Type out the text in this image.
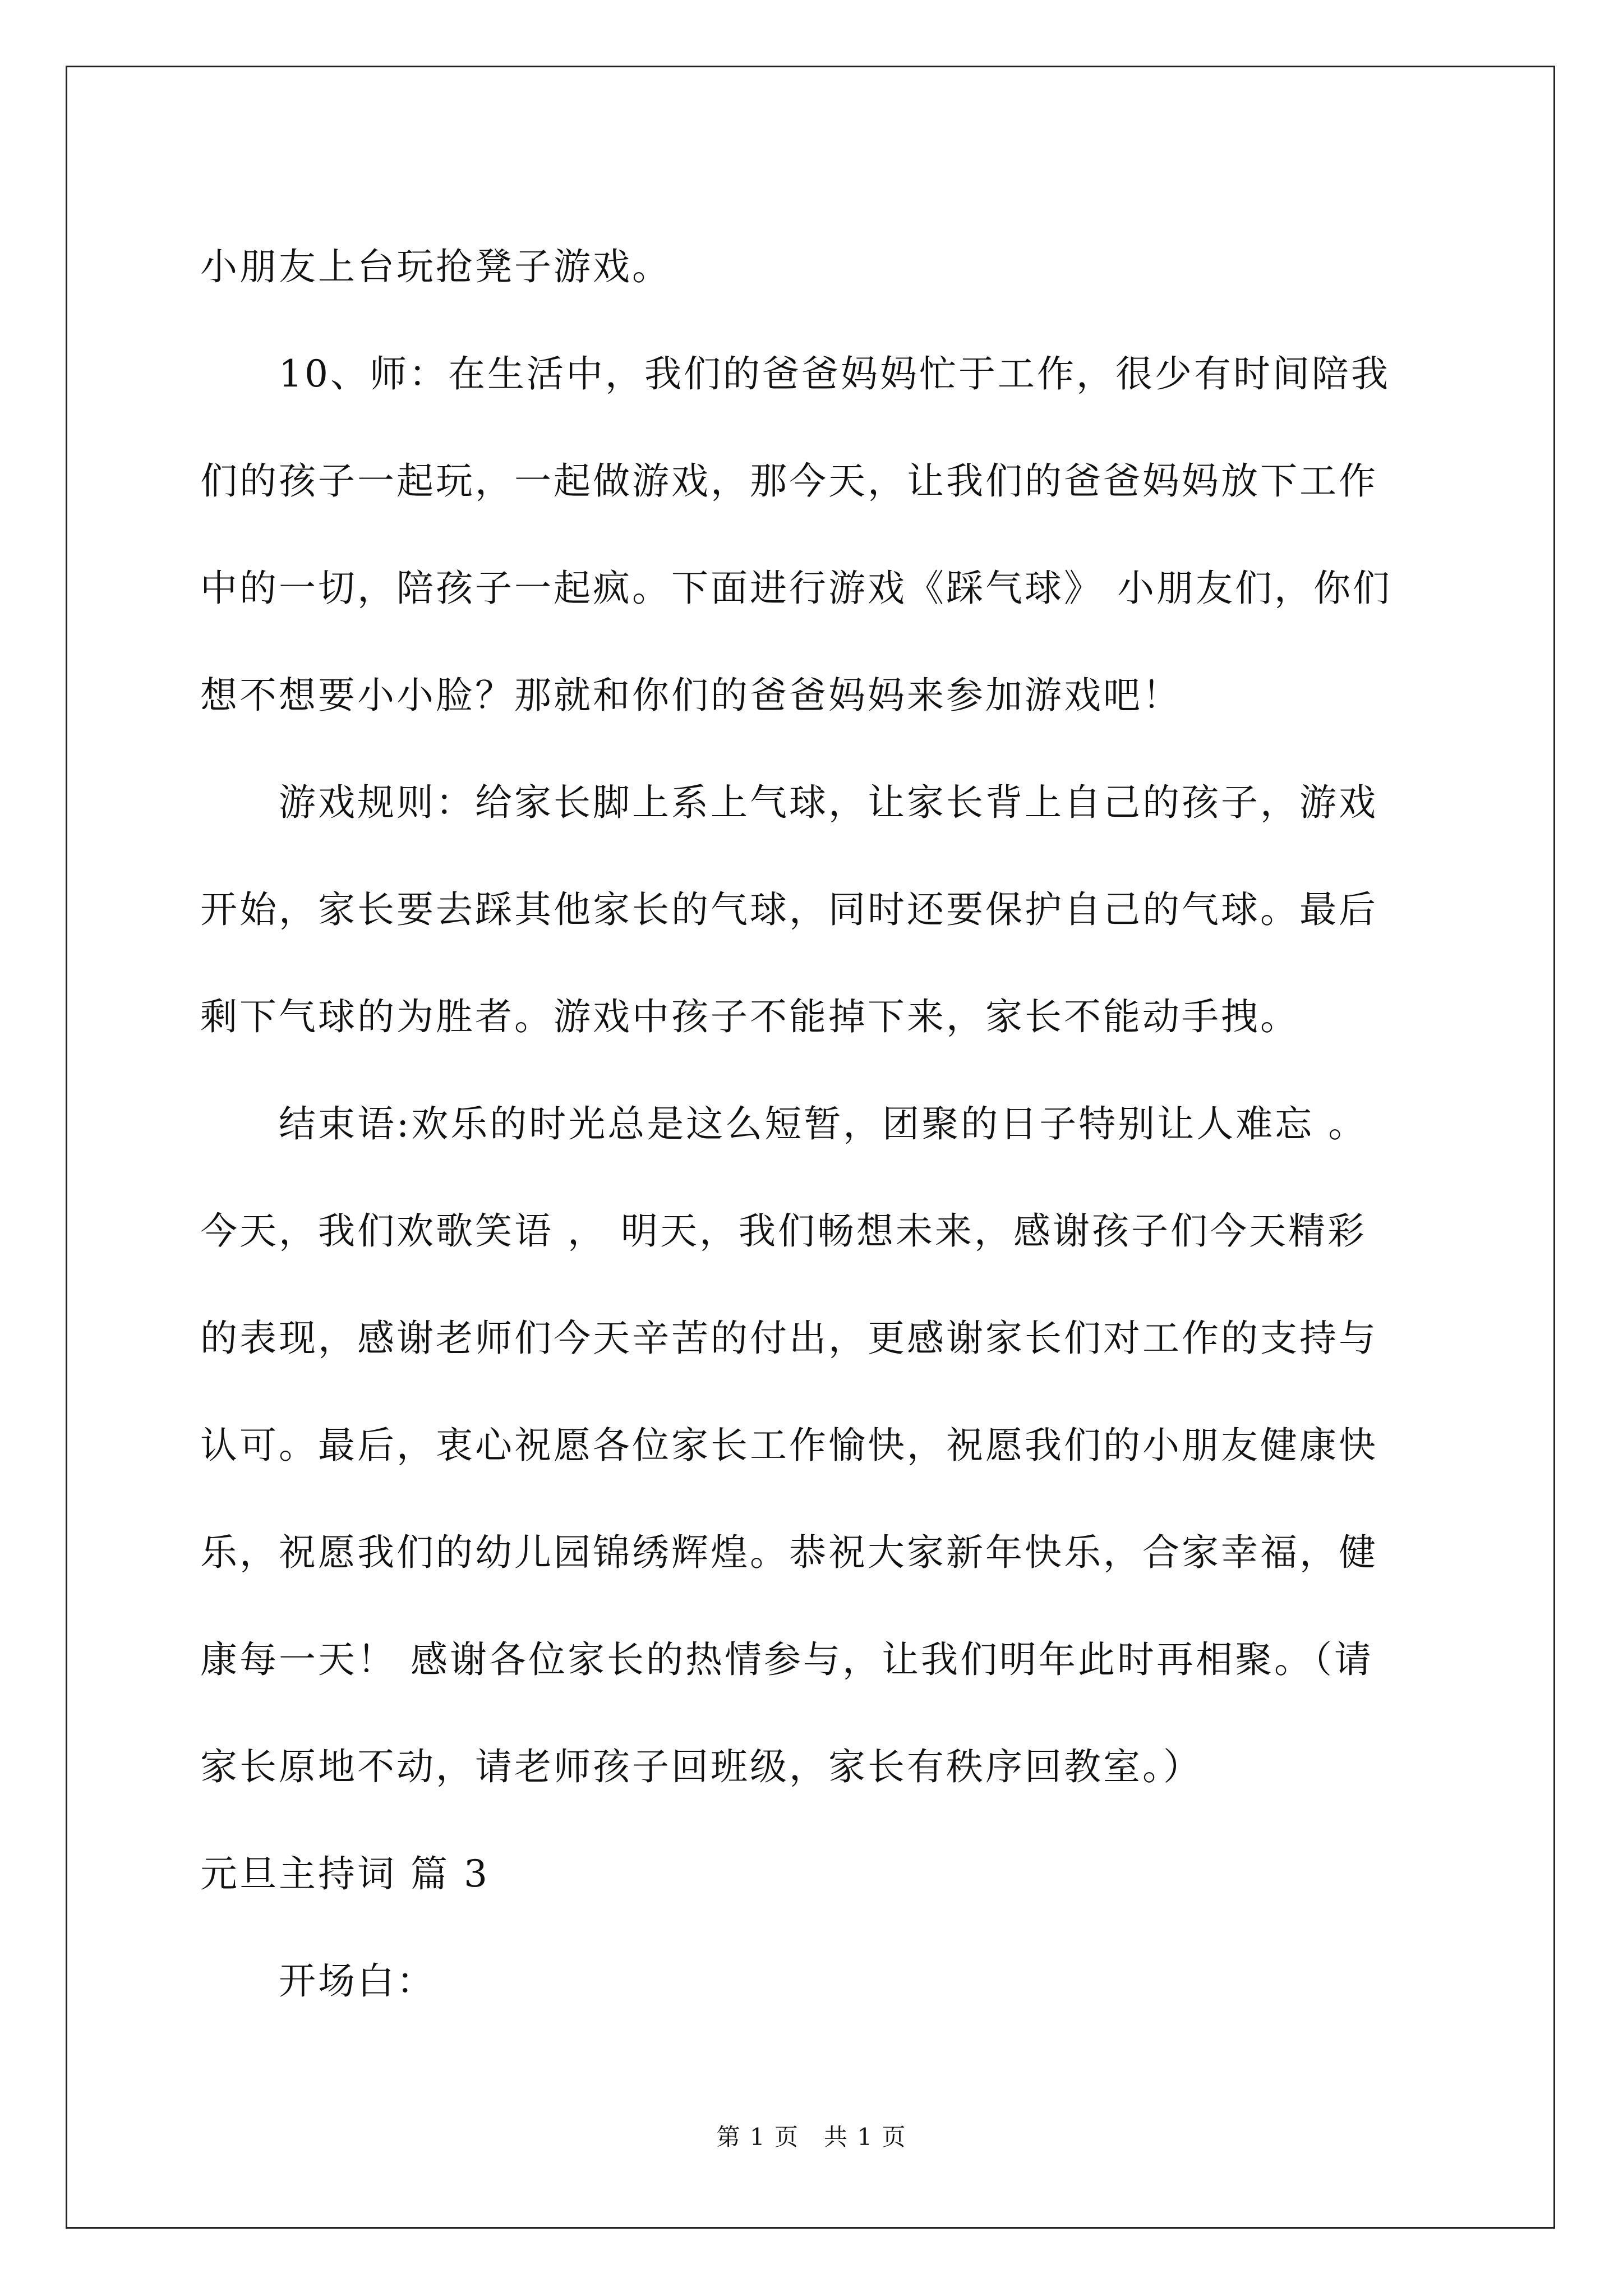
小朋友上台玩抢凳子游戏。
10、师：在生活中，我们的爸爸妈妈忙于工作，很少有时间陪我
们的孩子一起玩，一起做游戏，那今天，让我们的爸爸妈妈放下工作
中的一切，陪孩子一起疯。下面进行游戏《踩气球》 小朋友们，你们
想不想要小小脸？那就和你们的爸爸妈妈来参加游戏吧！
游戏规则：给家长脚上系上气球，让家长背上自己的孩子，游戏
开始，家长要去踩其他家长的气球，同时还要保护自己的气球。最后
剩下气球的为胜者。游戏中孩子不能掉下来，家长不能动手拽。
结束语:欢乐的时光总是这么短暂，团聚的日子特别让人难忘 。
今天，我们欢歌笑语 ， 明天，我们畅想未来，感谢孩子们今天精彩
的表现，感谢老师们今天辛苦的付出，更感谢家长们对工作的支持与
认可。最后，衷心祝愿各位家长工作愉快，祝愿我们的小朋友健康快
乐，祝愿我们的幼儿园锦绣辉煌。恭祝大家新年快乐，合家幸福，健
康每一天！ 感谢各位家长的热情参与，让我们明年此时再相聚。（请
家长原地不动，请老师孩子回班级，家长有秩序回教室。）
元旦主持词 篇 3
开场白：
第 1 页　共 1 页
